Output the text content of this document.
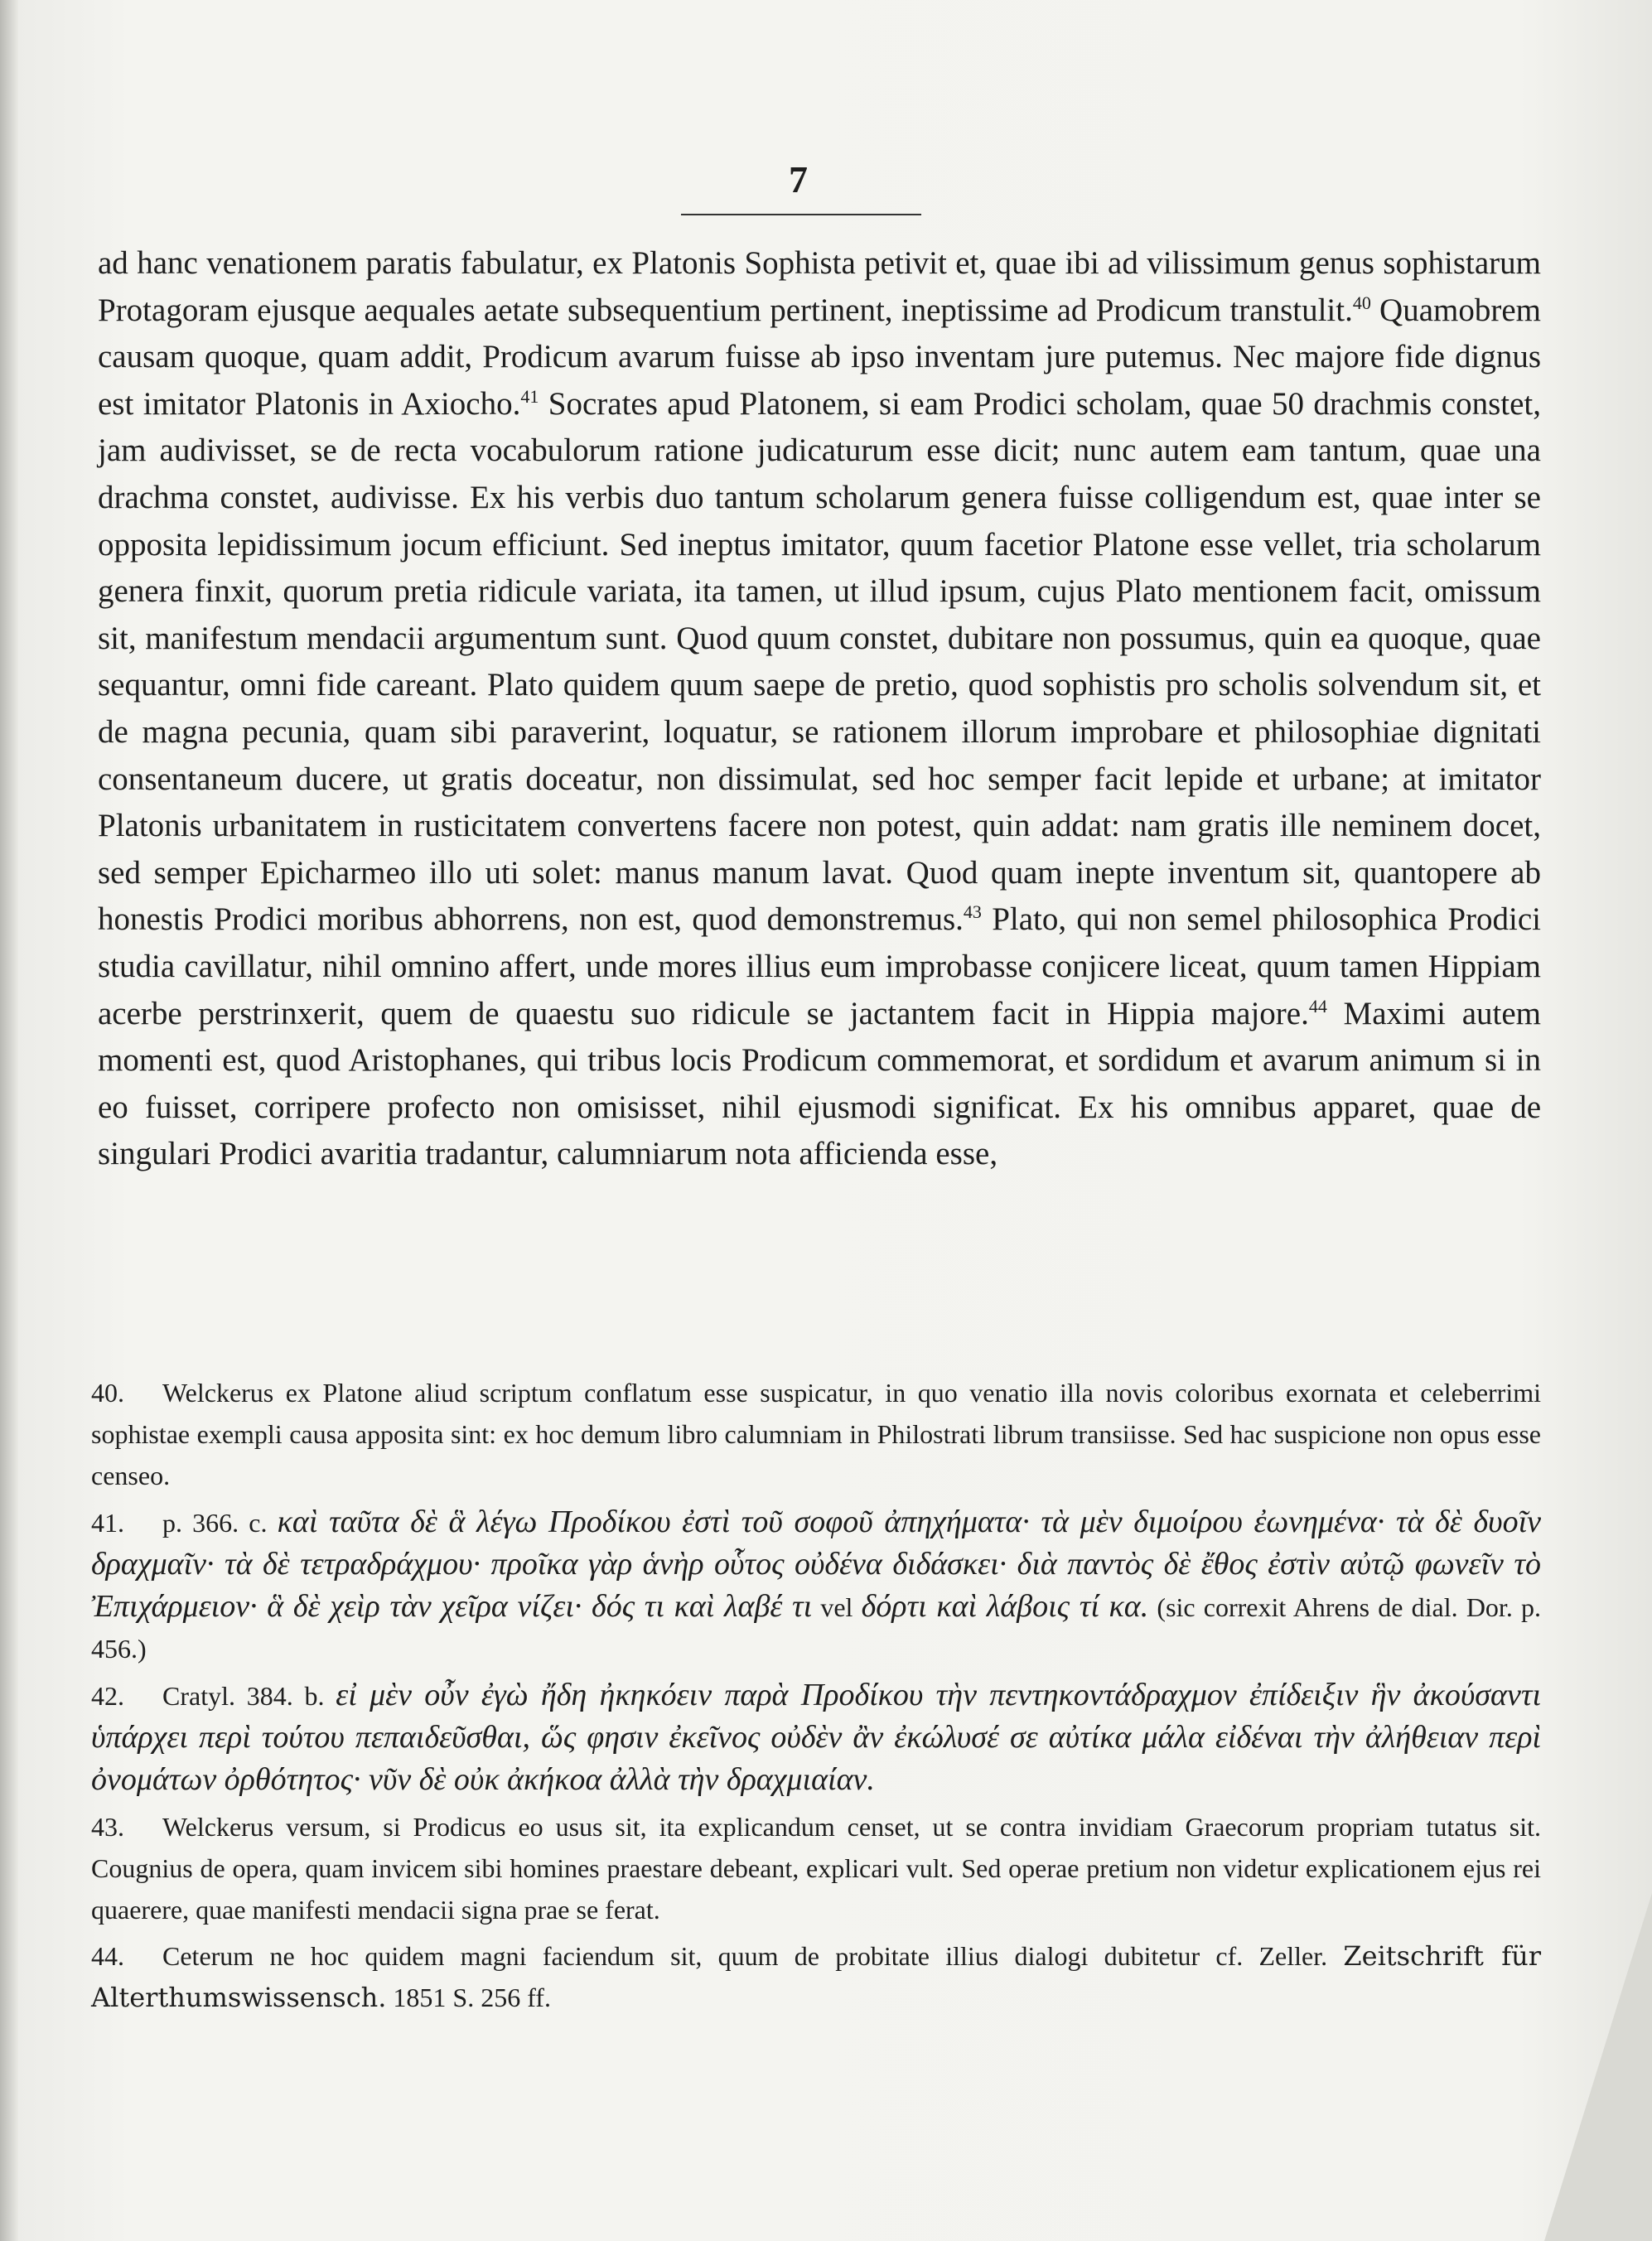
7

ad hanc venationem paratis fabulatur, ex Platonis Sophista petivit et, quae ibi ad vilissimum genus sophistarum Protagoram ejusque aequales aetate subsequentium pertinent, ineptissime ad Prodicum transtulit.$^{40}$ Quamobrem causam quoque, quam addit, Prodicum avarum fuisse ab ipso inventam jure putemus. Nec majore fide dignus est imitator Platonis in Axiocho.$^{41}$ Socrates apud Platonem, si eam Prodici scholam, quae 50 drachmis constet, jam audivisset, se de recta vocabulorum ratione judicaturum esse dicit; nunc autem eam tantum, quae una drachma constet, audivisse. Ex his verbis duo tantum scholarum genera fuisse colligendum est, quae inter se opposita lepidissimum jocum efficiunt. Sed ineptus imitator, quum facetior Platone esse vellet, tria scholarum genera finxit, quorum pretia ridicule variata, ita tamen, ut illud ipsum, cujus Plato mentionem facit, omissum sit, manifestum mendacii argumentum sunt. Quod quum constet, dubitare non possumus, quin ea quoque, quae sequantur, omni fide careant. Plato quidem quum saepe de pretio, quod sophistis pro scholis solvendum sit, et de magna pecunia, quam sibi paraverint, loquatur, se rationem illorum improbare et philosophiae dignitati consentaneum ducere, ut gratis doceatur, non dissimulat, sed hoc semper facit lepide et urbane; at imitator Platonis urbanitatem in rusticitatem convertens facere non potest, quin addat: nam gratis ille neminem docet, sed semper Epicharmeo illo uti solet: manus manum lavat. Quod quam inepte inventum sit, quantopere ab honestis Prodici moribus abhorrens, non est, quod demonstremus.$^{43}$ Plato, qui non semel philosophica Prodici studia cavillatur, nihil omnino affert, unde mores illius eum improbasse conjicere liceat, quum tamen Hippiam acerbe perstrinxerit, quem de quaestu suo ridicule se jactantem facit in Hippia majore.$^{44}$ Maximi autem momenti est, quod Aristophanes, qui tribus locis Prodicum commemorat, et sordidum et avarum animum si in eo fuisset, corripere profecto non omisisset, nihil ejusmodi significat. Ex his omnibus apparet, quae de singulari Prodici avaritia tradantur, calumniarum nota afficienda esse,

40. Welckerus ex Platone aliud scriptum conflatum esse suspicatur, in quo venatio illa novis coloribus exornata et celeberrimi sophistae exempli causa apposita sint: ex hoc demum libro calumniam in Philostrati librum transiisse. Sed hac suspicione non opus esse censeo.

41. p. 366. c. καὶ ταῦτα δὲ ἃ λέγω Προδίκου ἐστὶ τοῦ σοφοῦ ἀπηχήματα· τὰ μὲν διμοίρου ἐωνημένα· τὰ δὲ δυοῖν δραχμαῖν· τὰ δὲ τετραδράχμου· προῖκα γὰρ ἁνὴρ οὗτος οὐδένα διδάσκει· διὰ παντὸς δὲ ἔθος ἐστὶν αὐτῷ φωνεῖν τὸ Ἐπιχάρμειον· ἃ δὲ χεὶρ τὰν χεῖρα νίζει· δός τι καὶ λαβέ τι vel δόρτι καὶ λάβοις τί κα. (sic correxit Ahrens de dial. Dor. p. 456.)

42. Cratyl. 384. b. εἰ μὲν οὖν ἐγὼ ἤδη ἠκηκόειν παρὰ Προδίκου τὴν πεντηκοντάδραχμον ἐπίδειξιν ἣν ἀκούσαντι ὑπάρχει περὶ τούτου πεπαιδεῦσθαι, ὥς φησιν ἐκεῖνος οὐδὲν ἂν ἐκώλυσέ σε αὐτίκα μάλα εἰδέναι τὴν ἀλήθειαν περὶ ὀνομάτων ὀρθότητος· νῦν δὲ οὐκ ἀκήκοα ἀλλὰ τὴν δραχμιαίαν.

43. Welckerus versum, si Prodicus eo usus sit, ita explicandum censet, ut se contra invidiam Graecorum propriam tutatus sit. Cougnius de opera, quam invicem sibi homines praestare debeant, explicari vult. Sed operae pretium non videtur explicationem ejus rei quaerere, quae manifesti mendacii signa prae se ferat.

44. Ceterum ne hoc quidem magni faciendum sit, quum de probitate illius dialogi dubitetur cf. Zeller. Zeitschrift für Alterthumswissensch. 1851 S. 256 ff.
